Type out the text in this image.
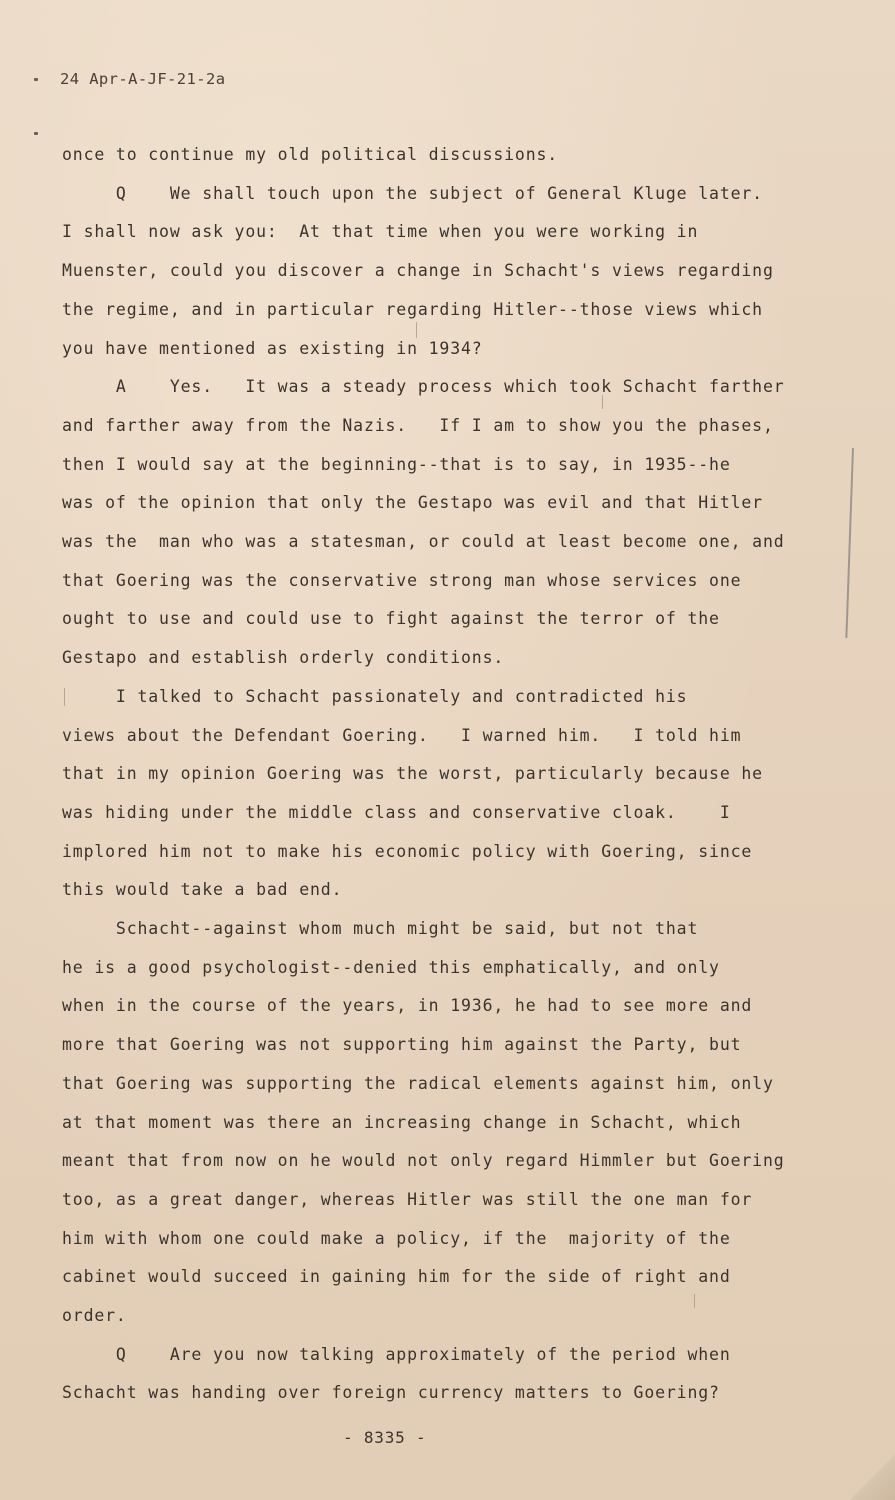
24 Apr-A-JF-21-2a
once to continue my old political discussions.
Q    We shall touch upon the subject of General Kluge later.
I shall now ask you:  At that time when you were working in
Muenster, could you discover a change in Schacht's views regarding
the regime, and in particular regarding Hitler--those views which
you have mentioned as existing in 1934?
A    Yes.   It was a steady process which took Schacht farther
and farther away from the Nazis.   If I am to show you the phases,
then I would say at the beginning--that is to say, in 1935--he
was of the opinion that only the Gestapo was evil and that Hitler
was the  man who was a statesman, or could at least become one, and
that Goering was the conservative strong man whose services one
ought to use and could use to fight against the terror of the
Gestapo and establish orderly conditions.
I talked to Schacht passionately and contradicted his
views about the Defendant Goering.   I warned him.   I told him
that in my opinion Goering was the worst, particularly because he
was hiding under the middle class and conservative cloak.    I
implored him not to make his economic policy with Goering, since
this would take a bad end.
Schacht--against whom much might be said, but not that
he is a good psychologist--denied this emphatically, and only
when in the course of the years, in 1936, he had to see more and
more that Goering was not supporting him against the Party, but
that Goering was supporting the radical elements against him, only
at that moment was there an increasing change in Schacht, which
meant that from now on he would not only regard Himmler but Goering
too, as a great danger, whereas Hitler was still the one man for
him with whom one could make a policy, if the  majority of the
cabinet would succeed in gaining him for the side of right and
order.
Q    Are you now talking approximately of the period when
Schacht was handing over foreign currency matters to Goering?
- 8335 -
